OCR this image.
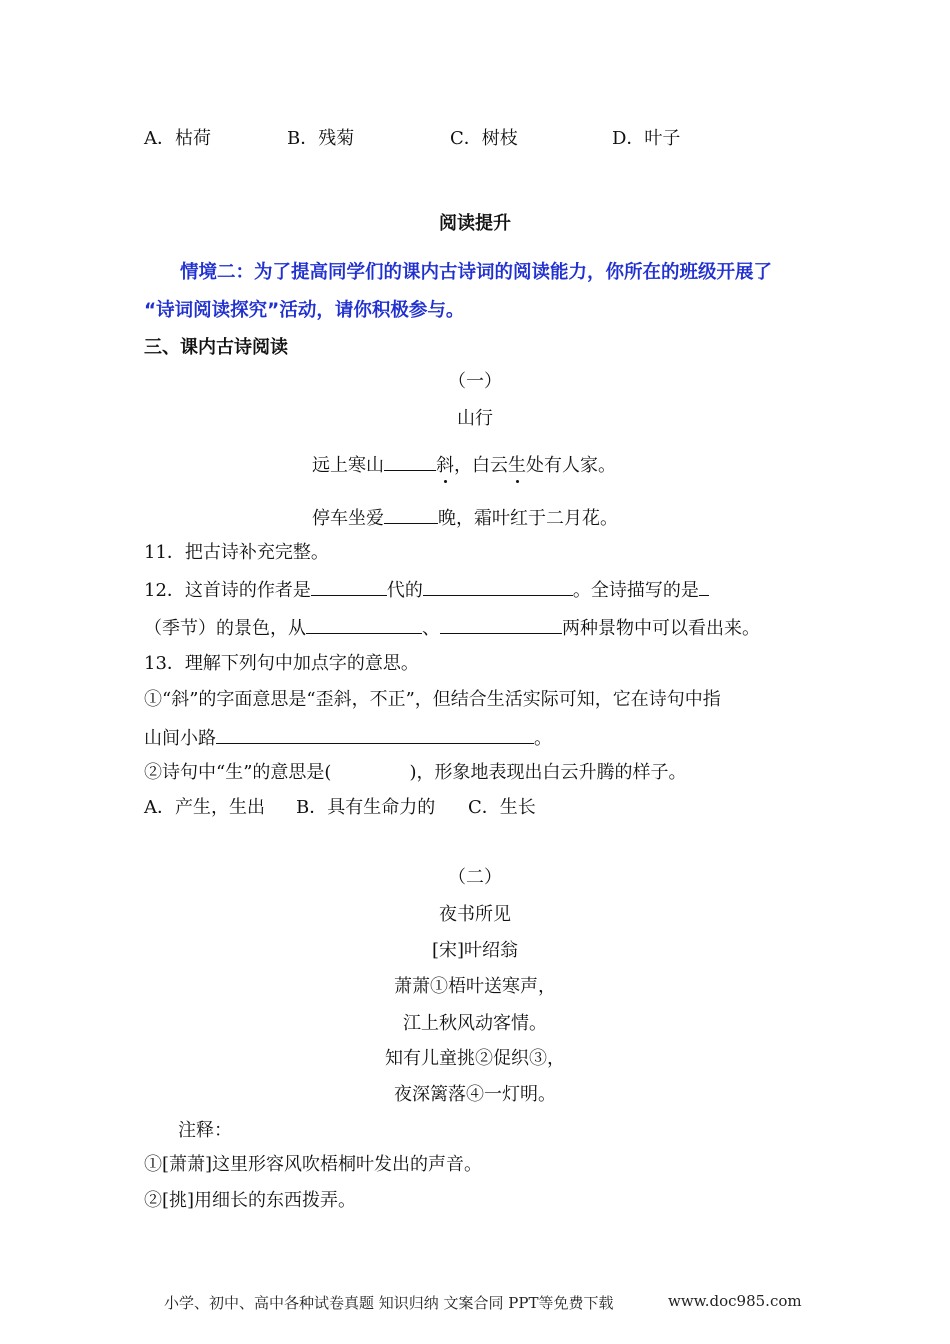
A．枯荷	B．残菊	C．树枝	D．叶子
阅读提升
情境二：为了提高同学们的课内古诗词的阅读能力，你所在的班级开展了
“诗词阅读探究”活动，请你积极参与。
三、课内古诗阅读
（一）
山行
远上寒山	斜，白云生处有人家。
停车坐爱	晚，霜叶红于二月花。
11．把古诗补充完整。
12．这首诗的作者是	代的	。全诗描写的是
（季节）的景色，从	、	两种景物中可以看出来。
13．理解下列句中加点字的意思。
①“斜”的字面意思是“歪斜，不正”，但结合生活实际可知，它在诗句中指
山间小路	。
②诗句中“生”的意思是(	)，形象地表现出白云升腾的样子。
A．产生，生出 B．具有生命力的 C．生长
（二）
夜书所见
[宋]叶绍翁
萧萧①梧叶送寒声，
江上秋风动客情。
知有儿童挑②促织③，
夜深篱落④一灯明。
注释：
①[萧萧]这里形容风吹梧桐叶发出的声音。
②[挑]用细长的东西拨弄。
小学、初中、高中各种试卷真题 知识归纳 文案合同 PPT等免费下载	www.doc985.com
